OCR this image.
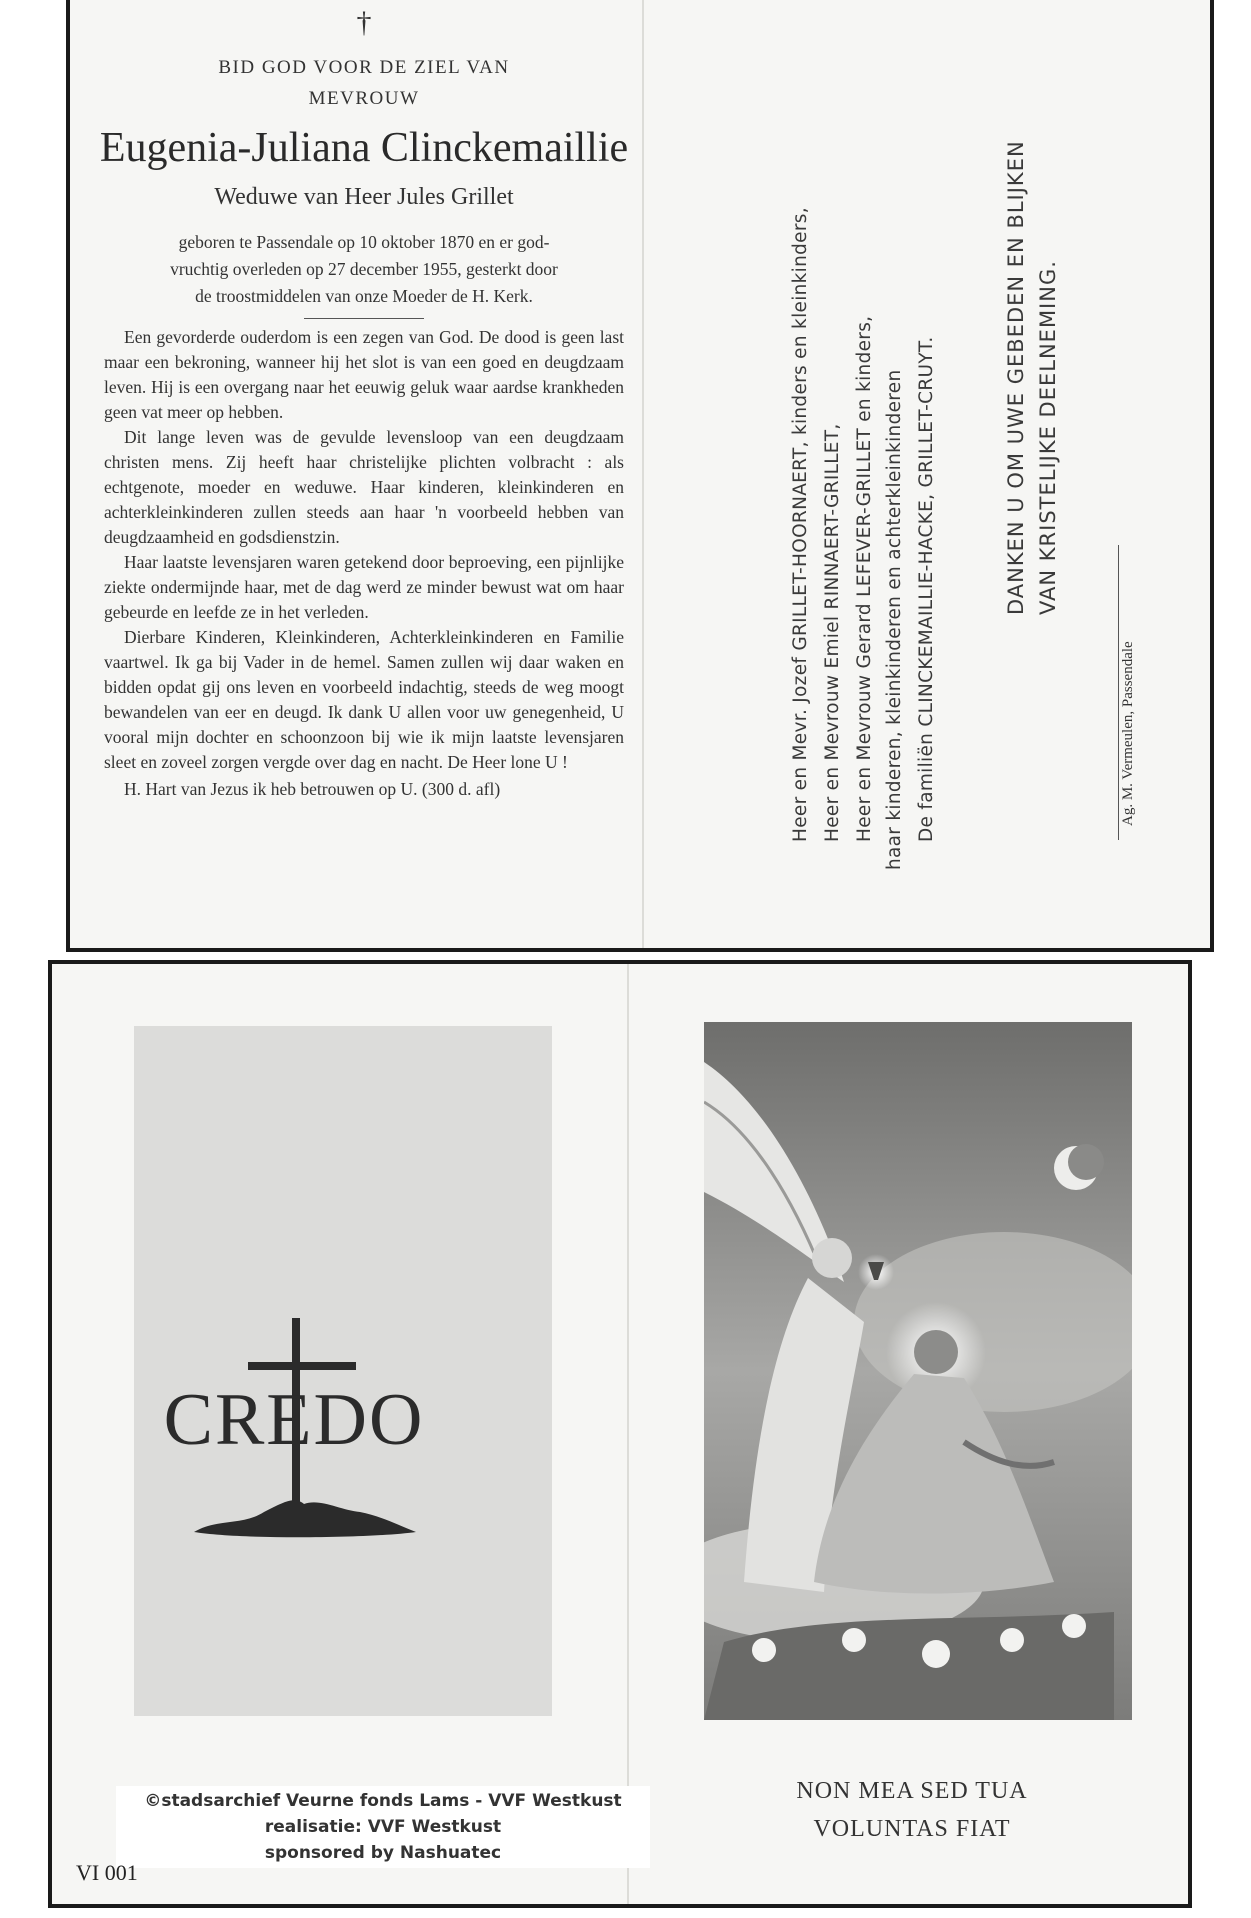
†
BID GOD VOOR DE ZIEL VAN
MEVROUW
Eugenia-Juliana Clinckemaillie
Weduwe van Heer Jules Grillet
geboren te Passendale op 10 oktober 1870 en er god-
vruchtig overleden op 27 december 1955, gesterkt door
de troostmiddelen van onze Moeder de H. Kerk.

Een gevorderde ouderdom is een zegen van God. De dood is geen last maar een bekroning, wanneer hij het slot is van een goed en deugdzaam leven. Hij is een overgang naar het eeuwig geluk waar aardse krankheden geen vat meer op hebben.

Dit lange leven was de gevulde levensloop van een deugdzaam christen mens. Zij heeft haar christelijke plichten volbracht : als echtgenote, moeder en weduwe. Haar kinderen, kleinkinderen en achterkleinkinderen zullen steeds aan haar 'n voorbeeld hebben van deugdzaamheid en godsdienstzin.

Haar laatste levensjaren waren getekend door beproeving, een pijnlijke ziekte ondermijnde haar, met de dag werd ze minder bewust wat om haar gebeurde en leefde ze in het verleden.

Dierbare Kinderen, Kleinkinderen, Achterkleinkinderen en Familie vaartwel. Ik ga bij Vader in de hemel. Samen zullen wij daar waken en bidden opdat gij ons leven en voorbeeld indachtig, steeds de weg moogt bewandelen van eer en deugd. Ik dank U allen voor uw genegenheid, U vooral mijn dochter en schoonzoon bij wie ik mijn laatste levensjaren sleet en zoveel zorgen vergde over dag en nacht. De Heer lone U !

H. Hart van Jezus ik heb betrouwen op U. (300 d. afl)	Heer en Mevr. Jozef GRILLET-HOORNAERT, kinders en kleinkinders, Heer en Mevrouw Emiel RINNAERT-GRILLET, Heer en Mevrouw Gerard LEFEVER-GRILLET en kinders, haar kinderen, kleinkinderen en achterkleinkinderen De familiën CLINCKEMAILLIE-HACKE, GRILLET-CRUYT.	DANKEN U OM UWE GEBEDEN EN BLIJKEN VAN KRISTELIJKE DEELNEMING.
Ag. M. Vermeulen, Passendale
CREDO
NON MEA SED TUA
VOLUNTAS FIAT
©stadsarchief Veurne fonds Lams - VVF Westkust
realisatie: VVF Westkust
sponsored by Nashuatec
VI 001
